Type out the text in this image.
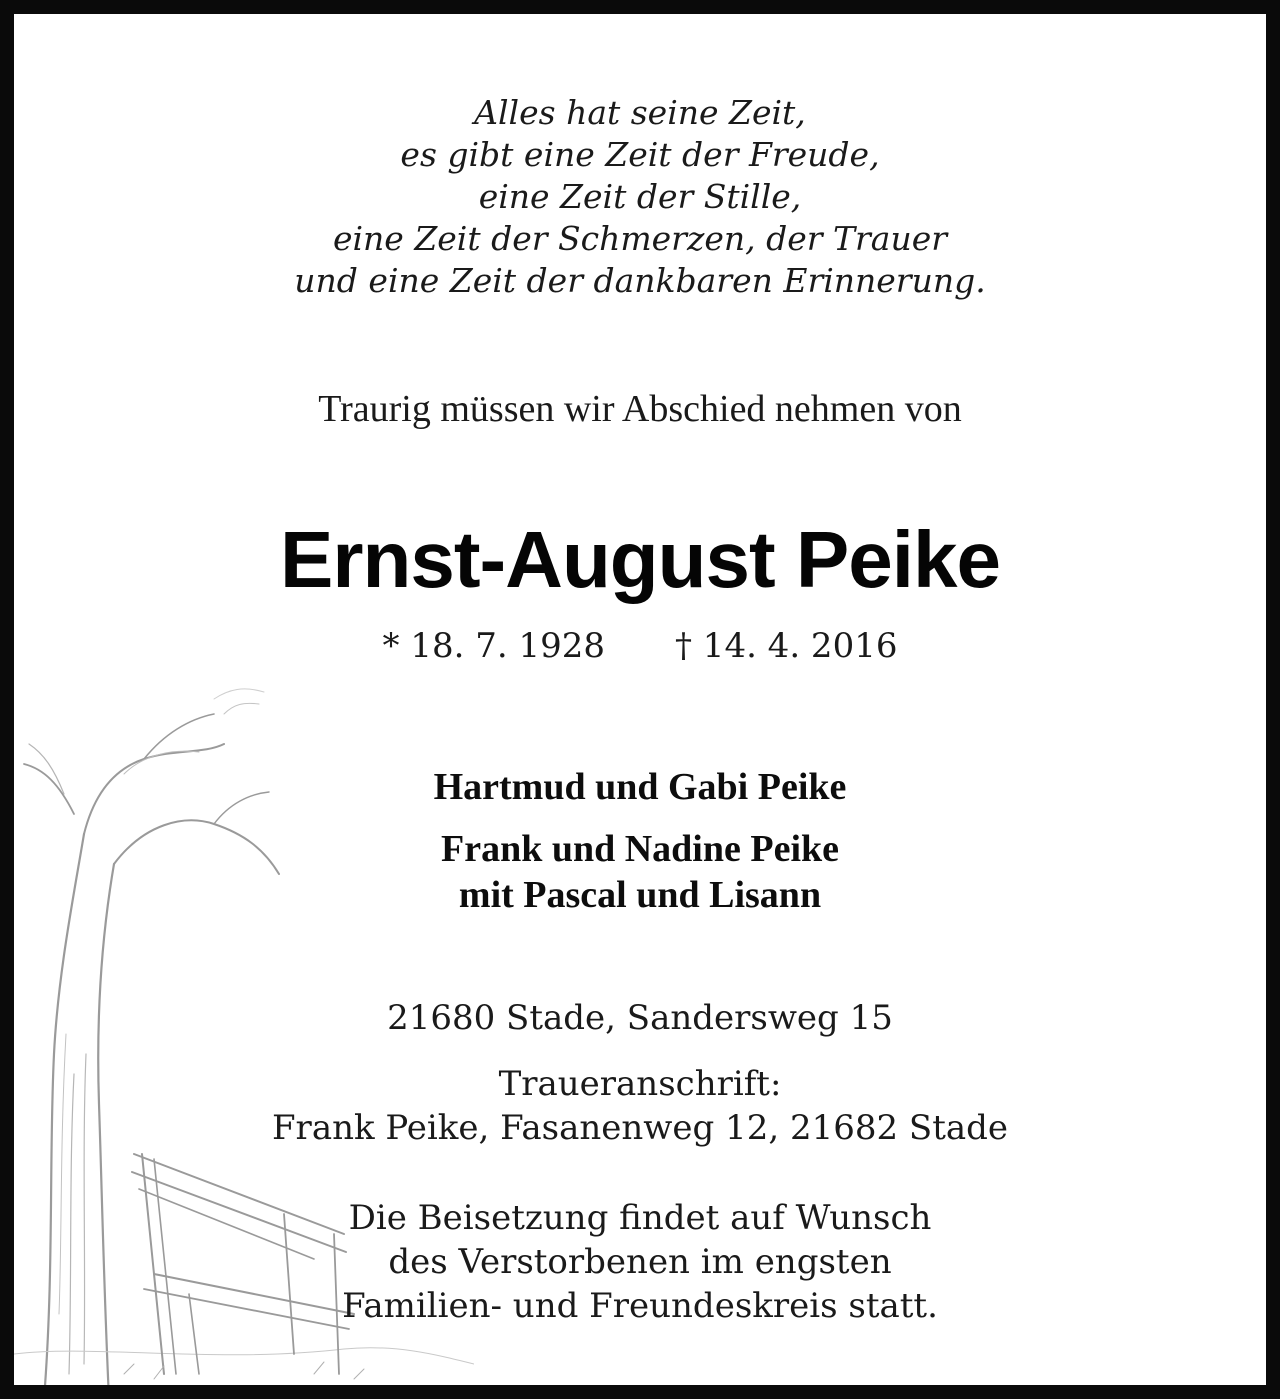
Alles hat seine Zeit,
es gibt eine Zeit der Freude,
eine Zeit der Stille,
eine Zeit der Schmerzen, der Trauer
und eine Zeit der dankbaren Erinnerung.
Traurig müssen wir Abschied nehmen von
Ernst-August Peike
* 18. 7. 1928 † 14. 4. 2016
Hartmud und Gabi Peike
Frank und Nadine Peike
mit Pascal und Lisann
21680 Stade, Sandersweg 15
Traueranschrift:
Frank Peike, Fasanenweg 12, 21682 Stade
Die Beisetzung findet auf Wunsch
des Verstorbenen im engsten
Familien- und Freundeskreis statt.
